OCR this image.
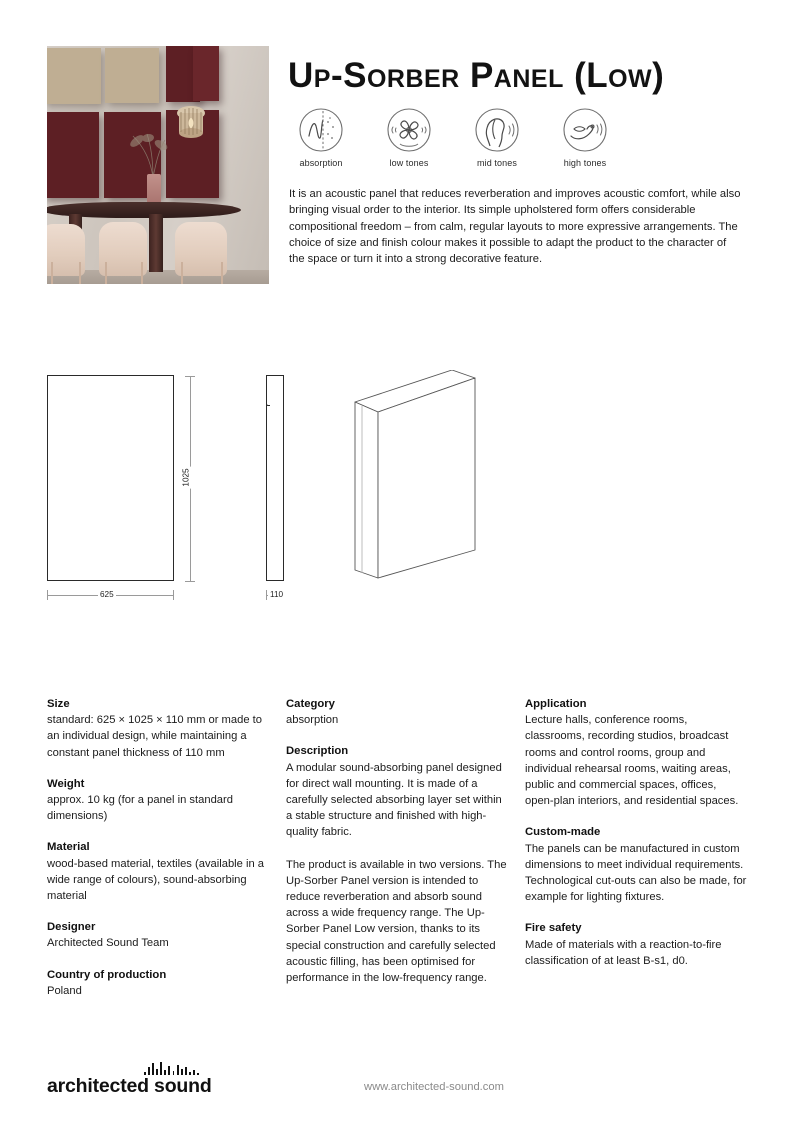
Up-Sorber Panel (Low)
absorption	low tones	mid tones	high tones
It is an acoustic panel that reduces reverberation and improves acoustic comfort, while also bringing visual order to the interior. Its simple upholstered form offers considerable compositional freedom – from calm, regular layouts to more expressive arrangements. The choice of size and finish colour makes it possible to adapt the product to the character of the space or turn it into a strong decorative feature.
1025
625	110
Size

standard: 625 × 1025 × 110 mm or made to an individual design, while maintaining a constant panel thickness of 110 mm

Weight

approx. 10 kg (for a panel in standard dimensions)

Material

wood-based material, textiles (available in a wide range of colours), sound-absorbing material

Designer

Architected Sound Team

Country of production

Poland

Category

absorption

Description

A modular sound-absorbing panel designed for direct wall mounting. It is made of a carefully selected absorbing layer set within a stable structure and finished with high-quality fabric.

The product is available in two versions. The Up-Sorber Panel version is intended to reduce reverberation and absorb sound across a wide frequency range. The Up-Sorber Panel Low version, thanks to its special construction and carefully selected acoustic filling, has been optimised for performance in the low-frequency range.

Application

Lecture halls, conference rooms, classrooms, recording studios, broadcast rooms and control rooms, group and individual rehearsal rooms, waiting areas, public and commercial spaces, offices, open-plan interiors, and residential spaces.

Custom-made

The panels can be manufactured in custom dimensions to meet individual requirements. Technological cut-outs can also be made, for example for lighting fixtures.

Fire safety

Made of materials with a reaction-to-fire classification of at least B-s1, d0.

architected sound	www.architected-sound.com
